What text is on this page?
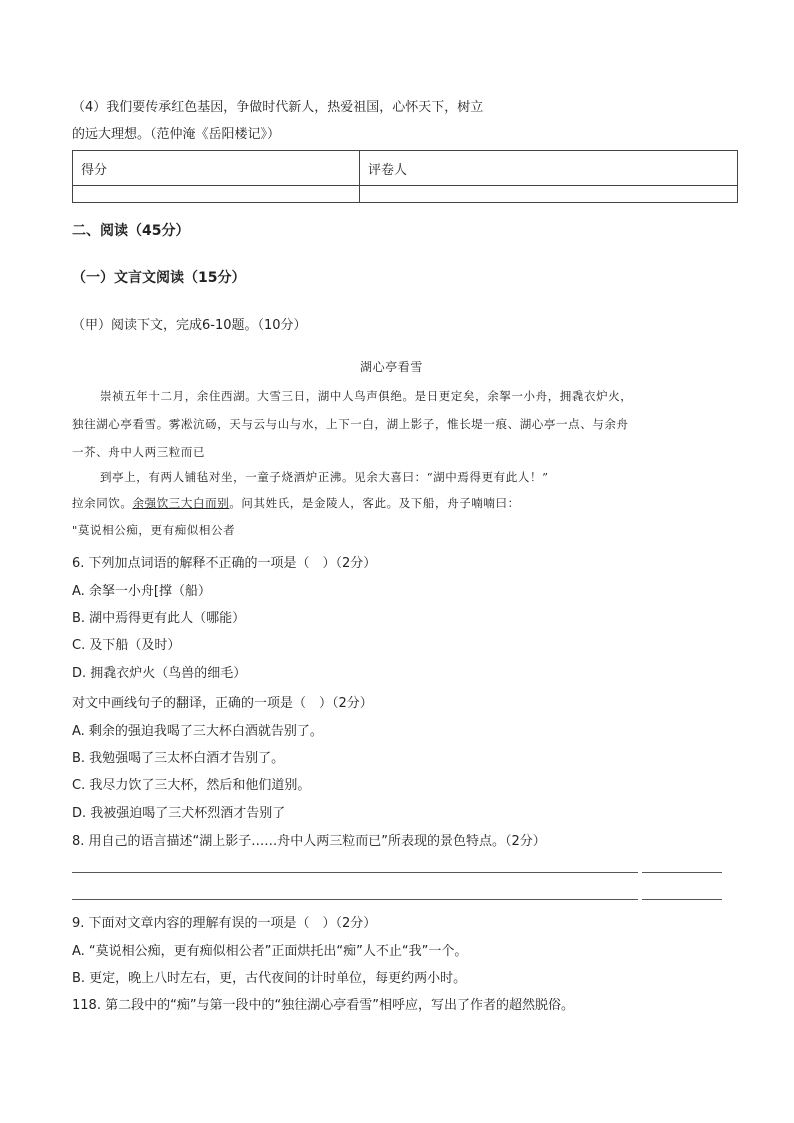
（4）我们要传承红色基因，争做时代新人，热爱祖国，心怀天下，树立
的远大理想。（范仲淹《岳阳楼记》）
得分	评卷人

二、阅读（45分）
（一）文言文阅读（15分）
（甲）阅读下文，完成6-10题。（10分）
湖心亭看雪
崇祯五年十二月，余住西湖。大雪三日，湖中人鸟声俱绝。是日更定矣，余挐一小舟，拥毳衣炉火，
独往湖心亭看雪。雾凇沆砀，天与云与山与水，上下一白，湖上影子，惟长堤一痕、湖心亭一点、与余舟
一芥、舟中人两三粒而已
到亭上，有两人铺毡对坐，一童子烧酒炉正沸。见余大喜曰：“湖中焉得更有此人！”
拉余同饮。余强饮三大白而别。问其姓氏，是金陵人，客此。及下船，舟子喃喃曰：
"莫说相公痴，更有痴似相公者
6. 下列加点词语的解释不正确的一项是（　）（2分）
A. 余拏一小舟[撑（船）
B. 湖中焉得更有此人（哪能）
C. 及下船（及时）
D. 拥毳衣炉火（鸟兽的细毛）
对文中画线句子的翻译，正确的一项是（　）（2分）
A. 剩余的强迫我喝了三大杯白酒就告别了。
B. 我勉强喝了三太杯白酒才告别了。
C. 我尽力饮了三大杯，然后和他们道别。
D. 我被强迫喝了三犬杯烈酒才告别了
8. 用自己的语言描述“湖上影子……舟中人两三粒而已”所表现的景色特点。（2分）
9. 下面对文章内容的理解有误的一项是（　）（2分）
A. “莫说相公痴，更有痴似相公者”正面烘托出“痴”人不止“我”一个。
B. 更定，晚上八时左右，更，古代夜间的计时单位，每更约两小时。
118. 第二段中的“痴”与第一段中的“独往湖心亭看雪”相呼应，写出了作者的超然脱俗。
